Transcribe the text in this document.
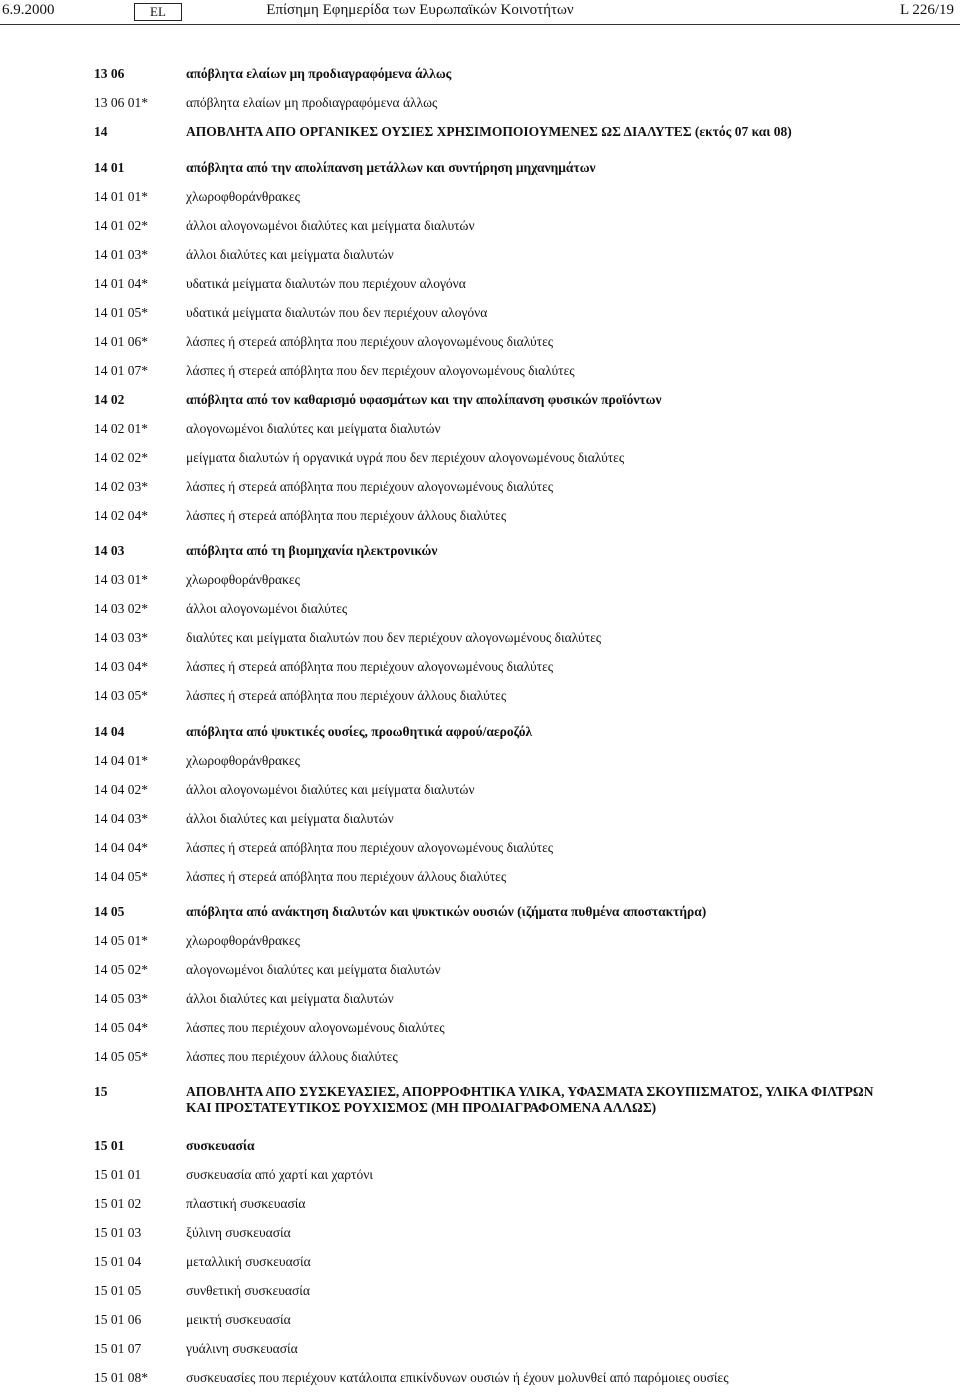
6.9.2000	EL	Επίσημη Εφημερίδα των Ευρωπαϊκών Κοινοτήτων	L 226/19
13 06	απόβλητα ελαίων μη προδιαγραφόμενα άλλως
13 06 01*	απόβλητα ελαίων μη προδιαγραφόμενα άλλως
14	ΑΠΟΒΛΗΤΑ ΑΠΟ ΟΡΓΑΝΙΚΕΣ ΟΥΣΙΕΣ ΧΡΗΣΙΜΟΠΟΙΟΥΜΕΝΕΣ ΩΣ ΔΙΑΛΥΤΕΣ (εκτός 07 και 08)
14 01	απόβλητα από την απολίπανση μετάλλων και συντήρηση μηχανημάτων
14 01 01*	χλωροφθοράνθρακες
14 01 02*	άλλοι αλογονωμένοι διαλύτες και μείγματα διαλυτών
14 01 03*	άλλοι διαλύτες και μείγματα διαλυτών
14 01 04*	υδατικά μείγματα διαλυτών που περιέχουν αλογόνα
14 01 05*	υδατικά μείγματα διαλυτών που δεν περιέχουν αλογόνα
14 01 06*	λάσπες ή στερεά απόβλητα που περιέχουν αλογονωμένους διαλύτες
14 01 07*	λάσπες ή στερεά απόβλητα που δεν περιέχουν αλογονωμένους διαλύτες
14 02	απόβλητα από τον καθαρισμό υφασμάτων και την απολίπανση φυσικών προϊόντων
14 02 01*	αλογονωμένοι διαλύτες και μείγματα διαλυτών
14 02 02*	μείγματα διαλυτών ή οργανικά υγρά που δεν περιέχουν αλογονωμένους διαλύτες
14 02 03*	λάσπες ή στερεά απόβλητα που περιέχουν αλογονωμένους διαλύτες
14 02 04*	λάσπες ή στερεά απόβλητα που περιέχουν άλλους διαλύτες
14 03	απόβλητα από τη βιομηχανία ηλεκτρονικών
14 03 01*	χλωροφθοράνθρακες
14 03 02*	άλλοι αλογονωμένοι διαλύτες
14 03 03*	διαλύτες και μείγματα διαλυτών που δεν περιέχουν αλογονωμένους διαλύτες
14 03 04*	λάσπες ή στερεά απόβλητα που περιέχουν αλογονωμένους διαλύτες
14 03 05*	λάσπες ή στερεά απόβλητα που περιέχουν άλλους διαλύτες
14 04	απόβλητα από ψυκτικές ουσίες, προωθητικά αφρού/αεροζόλ
14 04 01*	χλωροφθοράνθρακες
14 04 02*	άλλοι αλογονωμένοι διαλύτες και μείγματα διαλυτών
14 04 03*	άλλοι διαλύτες και μείγματα διαλυτών
14 04 04*	λάσπες ή στερεά απόβλητα που περιέχουν αλογονωμένους διαλύτες
14 04 05*	λάσπες ή στερεά απόβλητα που περιέχουν άλλους διαλύτες
14 05	απόβλητα από ανάκτηση διαλυτών και ψυκτικών ουσιών (ιζήματα πυθμένα αποστακτήρα)
14 05 01*	χλωροφθοράνθρακες
14 05 02*	αλογονωμένοι διαλύτες και μείγματα διαλυτών
14 05 03*	άλλοι διαλύτες και μείγματα διαλυτών
14 05 04*	λάσπες που περιέχουν αλογονωμένους διαλύτες
14 05 05*	λάσπες που περιέχουν άλλους διαλύτες
15	ΑΠΟΒΛΗΤΑ ΑΠΟ ΣΥΣΚΕΥΑΣΙΕΣ, ΑΠΟΡΡΟΦΗΤΙΚΑ ΥΛΙΚΑ, ΥΦΑΣΜΑΤΑ ΣΚΟΥΠΙΣΜΑΤΟΣ, ΥΛΙΚΑ ΦΙΛΤΡΩΝ ΚΑΙ ΠΡΟΣΤΑΤΕΥΤΙΚΟΣ ΡΟΥΧΙΣΜΟΣ (ΜΗ ΠΡΟΔΙΑΓΡΑΦΟΜΕΝΑ ΑΛΛΩΣ)
15 01	συσκευασία
15 01 01	συσκευασία από χαρτί και χαρτόνι
15 01 02	πλαστική συσκευασία
15 01 03	ξύλινη συσκευασία
15 01 04	μεταλλική συσκευασία
15 01 05	συνθετική συσκευασία
15 01 06	μεικτή συσκευασία
15 01 07	γυάλινη συσκευασία
15 01 08*	συσκευασίες που περιέχουν κατάλοιπα επικίνδυνων ουσιών ή έχουν μολυνθεί από παρόμοιες ουσίες
